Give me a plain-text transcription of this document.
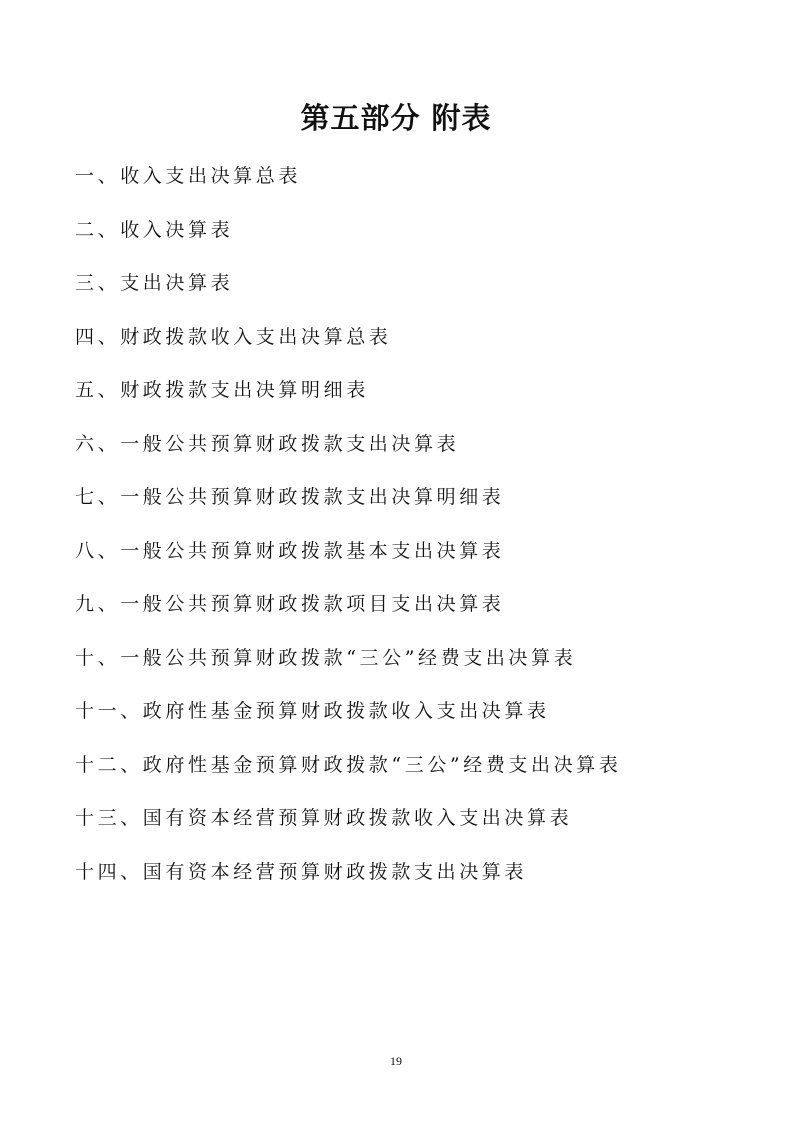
第五部分 附表
一、收入支出决算总表
二、收入决算表
三、支出决算表
四、财政拨款收入支出决算总表
五、财政拨款支出决算明细表
六、一般公共预算财政拨款支出决算表
七、一般公共预算财政拨款支出决算明细表
八、一般公共预算财政拨款基本支出决算表
九、一般公共预算财政拨款项目支出决算表
十、一般公共预算财政拨款“三公”经费支出决算表
十一、政府性基金预算财政拨款收入支出决算表
十二、政府性基金预算财政拨款“三公”经费支出决算表
十三、国有资本经营预算财政拨款收入支出决算表
十四、国有资本经营预算财政拨款支出决算表
19
